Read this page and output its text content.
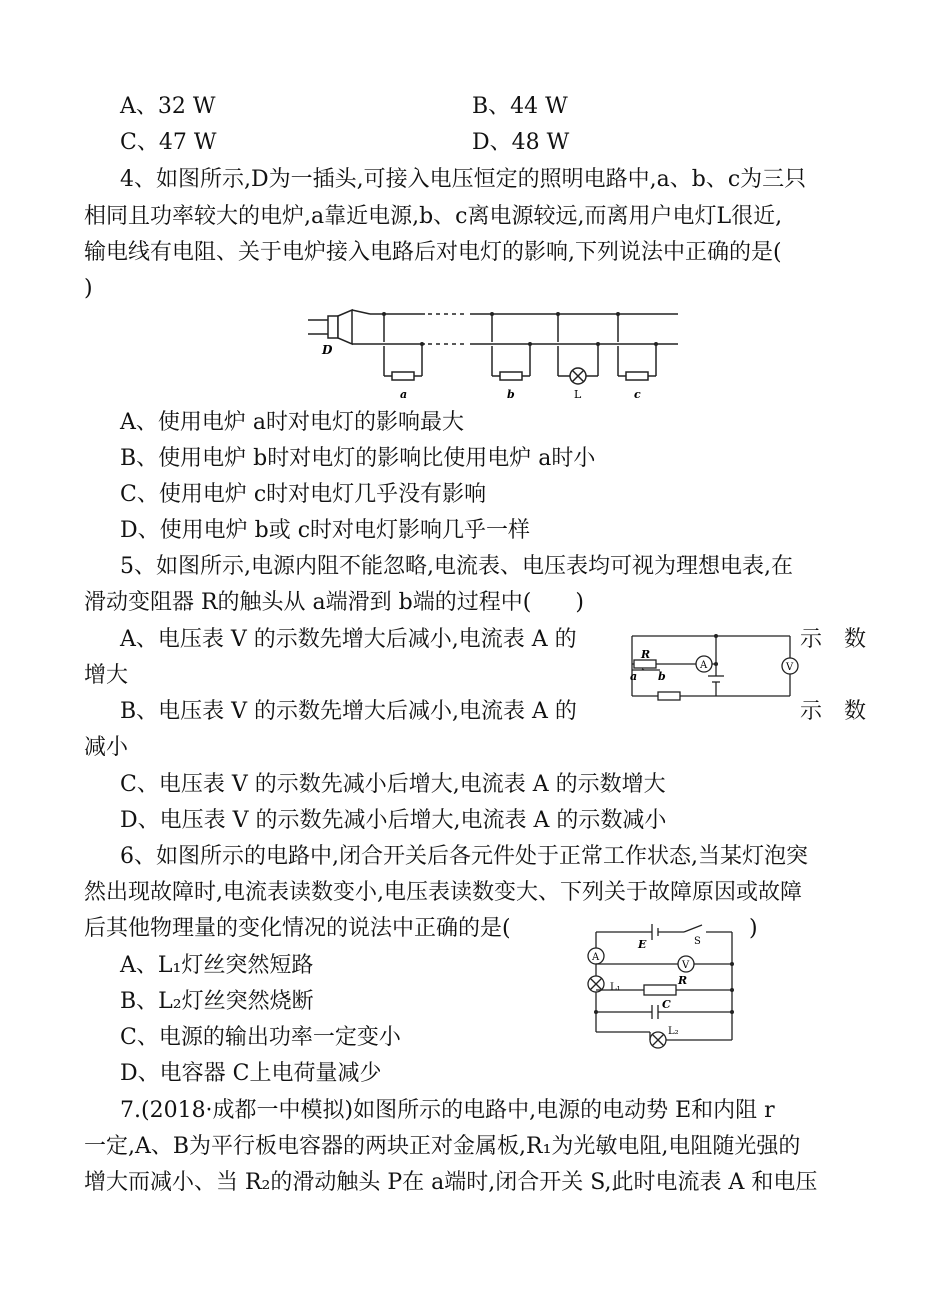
A、32 W	B、44 W
C、47 W	D、48 W
4、如图所示,D为一插头,可接入电压恒定的照明电路中,a、b、c为三只
相同且功率较大的电炉,a靠近电源,b、c离电源较远,而离用户电灯L很近,
输电线有电阻、关于电炉接入电路后对电灯的影响,下列说法中正确的是(
)
D
a	b	L	c
A、使用电炉 a时对电灯的影响最大
B、使用电炉 b时对电灯的影响比使用电炉 a时小
C、使用电炉 c时对电灯几乎没有影响
D、使用电炉 b或 c时对电灯影响几乎一样
5、如图所示,电源内阻不能忽略,电流表、电压表均可视为理想电表,在
滑动变阻器 R的触头从 a端滑到 b端的过程中(　　)
A、电压表 V 的示数先增大后减小,电流表 A 的	示　数
增大
B、电压表 V 的示数先增大后减小,电流表 A 的	示　数
减小
C、电压表 V 的示数先减小后增大,电流表 A 的示数增大
D、电压表 V 的示数先减小后增大,电流表 A 的示数减小
R
a b
A	V
6、如图所示的电路中,闭合开关后各元件处于正常工作状态,当某灯泡突
然出现故障时,电流表读数变小,电压表读数变大、下列关于故障原因或故障
后其他物理量的变化情况的说法中正确的是(	)
A、L₁灯丝突然短路
B、L₂灯丝突然烧断
C、电源的输出功率一定变小
D、电容器 C上电荷量减少
E	S
A
V
L₁
R
C
L₂
7.(2018·成都一中模拟)如图所示的电路中,电源的电动势 E和内阻 r
一定,A、B为平行板电容器的两块正对金属板,R₁为光敏电阻,电阻随光强的
增大而减小、当 R₂的滑动触头 P在 a端时,闭合开关 S,此时电流表 A 和电压
